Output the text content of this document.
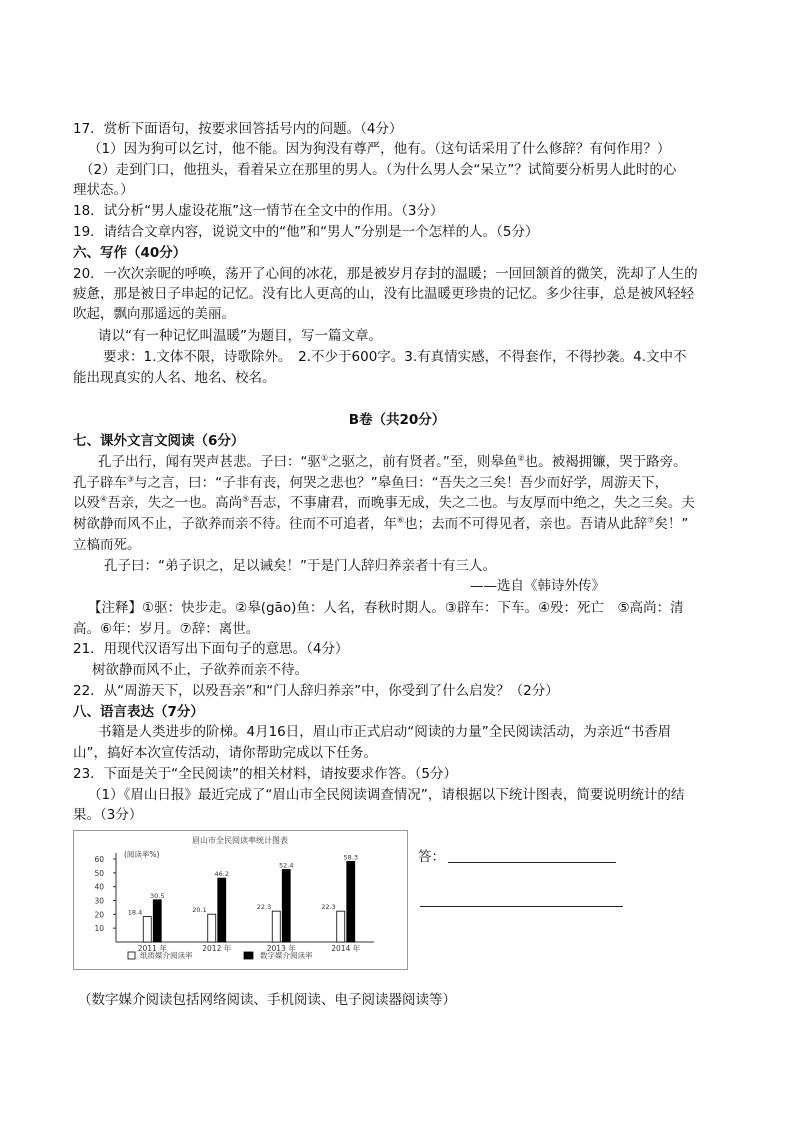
17．赏析下面语句，按要求回答括号内的问题。（4分）
（1）因为狗可以乞讨，他不能。因为狗没有尊严，他有。（这句话采用了什么修辞？有何作用？）
（2）走到门口，他扭头，看着呆立在那里的男人。（为什么男人会“呆立”？试简要分析男人此时的心
理状态。）
18．试分析“男人虚设花瓶”这一情节在全文中的作用。（3分）
19．请结合文章内容，说说文中的“他”和“男人”分别是一个怎样的人。（5分）
六、写作（40分）
20．一次次亲昵的呼唤，荡开了心间的冰花，那是被岁月存封的温暖；一回回颔首的微笑，洗却了人生的
疲惫，那是被日子串起的记忆。没有比人更高的山，没有比温暖更珍贵的记忆。多少往事，总是被风轻轻
吹起，飘向那遥远的美丽。
请以“有一种记忆叫温暖”为题目，写一篇文章。
要求：1.文体不限，诗歌除外。　2.不少于600字。3.有真情实感，不得套作，不得抄袭。4.文中不
能出现真实的人名、地名、校名。
B卷（共20分）
七、课外文言文阅读（6分）
孔子出行，闻有哭声甚悲。子曰：“驱①之驱之，前有贤者。”至，则皋鱼②也。被褐拥镰，哭于路旁。
孔子辟车③与之言，曰：“子非有丧，何哭之悲也？”皋鱼曰：“吾失之三矣！吾少而好学，周游天下，
以殁④吾亲，失之一也。高尚⑤吾志，不事庸君，而晚事无成，失之二也。与友厚而中绝之，失之三矣。夫
树欲静而风不止，子欲养而亲不待。往而不可追者，年⑥也；去而不可得见者，亲也。吾请从此辞⑦矣！”
立槁而死。
孔子曰：“弟子识之，足以诫矣！”于是门人辞归养亲者十有三人。
——选自《韩诗外传》
【注释】①驱：快步走。②皋(gāo)鱼：人名，春秋时期人。③辟车：下车。④殁：死亡　⑤高尚：清
高。⑥年：岁月。⑦辞：离世。
21．用现代汉语写出下面句子的意思。（4分）
树欲静而风不止，子欲养而亲不待。
22．从“周游天下，以殁吾亲”和“门人辞归养亲”中，你受到了什么启发？（2分）
八、语言表达（7分）
书籍是人类进步的阶梯。4月16日，眉山市正式启动“阅读的力量”全民阅读活动，为亲近“书香眉
山”，搞好本次宣传活动，请你帮助完成以下任务。
23．下面是关于“全民阅读”的相关材料，请按要求作答。（5分）
（1）《眉山日报》最近完成了“眉山市全民阅读调查情况”，请根据以下统计图表，简要说明统计的结
果。（3分）
眉山市全民阅读率统计图表
(阅读率%)
10
20
30
40
50
60
18.4
30.5
2011 年
20.1
46.2
2012 年
22.3
52.4
2013 年
22.3
58.3
2014 年
纸质媒介阅读率	数字媒介阅读率
答：
（数字媒介阅读包括网络阅读、手机阅读、电子阅读器阅读等）
